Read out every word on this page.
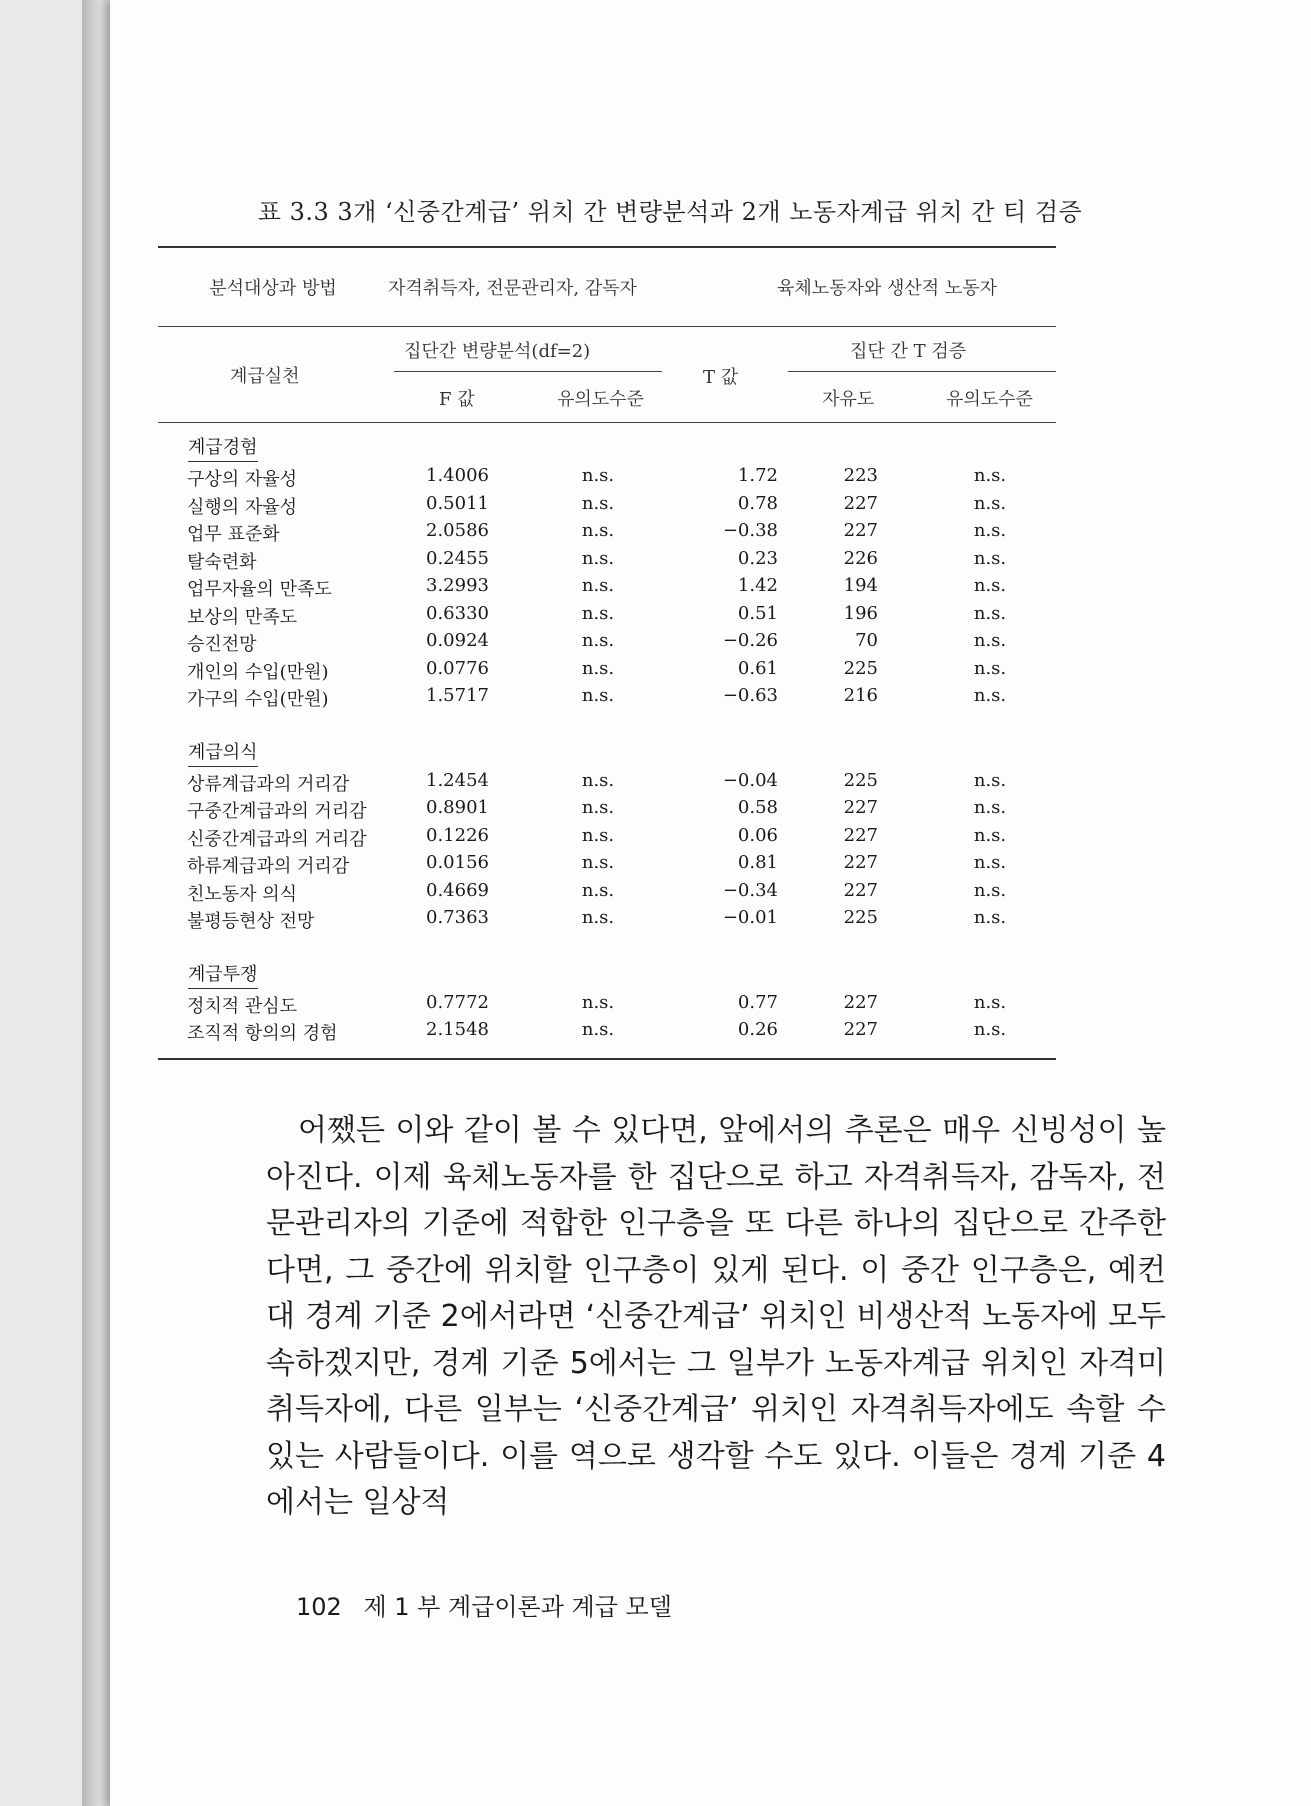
표 3.3 3개 ‘신중간계급’ 위치 간 변량분석과 2개 노동자계급 위치 간 티 검증
분석대상과 방법	자격취득자, 전문관리자, 감독자	육체노동자와 생산적 노동자
계급실천
집단간 변량분석(df=2)
F 값	유의도수준
T 값
집단 간 T 검증
자유도	유의도수준
계급경험
구상의 자율성	1.4006	n.s.	1.72	223	n.s.
실행의 자율성	0.5011	n.s.	0.78	227	n.s.
업무 표준화	2.0586	n.s.	−0.38	227	n.s.
탈숙련화	0.2455	n.s.	0.23	226	n.s.
업무자율의 만족도	3.2993	n.s.	1.42	194	n.s.
보상의 만족도	0.6330	n.s.	0.51	196	n.s.
승진전망	0.0924	n.s.	−0.26	70	n.s.
개인의 수입(만원)	0.0776	n.s.	0.61	225	n.s.
가구의 수입(만원)	1.5717	n.s.	−0.63	216	n.s.
계급의식
상류계급과의 거리감	1.2454	n.s.	−0.04	225	n.s.
구중간계급과의 거리감	0.8901	n.s.	0.58	227	n.s.
신중간계급과의 거리감	0.1226	n.s.	0.06	227	n.s.
하류계급과의 거리감	0.0156	n.s.	0.81	227	n.s.
친노동자 의식	0.4669	n.s.	−0.34	227	n.s.
불평등현상 전망	0.7363	n.s.	−0.01	225	n.s.
계급투쟁
정치적 관심도	0.7772	n.s.	0.77	227	n.s.
조직적 항의의 경험	2.1548	n.s.	0.26	227	n.s.

어쨌든 이와 같이 볼 수 있다면, 앞에서의 추론은 매우 신빙성이 높아진다. 이제 육체노동자를 한 집단으로 하고 자격취득자, 감독자, 전문관리자의 기준에 적합한 인구층을 또 다른 하나의 집단으로 간주한다면, 그 중간에 위치할 인구층이 있게 된다. 이 중간 인구층은, 예컨대 경계 기준 2에서라면 ‘신중간계급’ 위치인 비생산적 노동자에 모두 속하겠지만, 경계 기준 5에서는 그 일부가 노동자계급 위치인 자격미취득자에, 다른 일부는 ‘신중간계급’ 위치인 자격취득자에도 속할 수 있는 사람들이다. 이를 역으로 생각할 수도 있다. 이들은 경계 기준 4에서는 일상적

102 제 1 부 계급이론과 계급 모델
